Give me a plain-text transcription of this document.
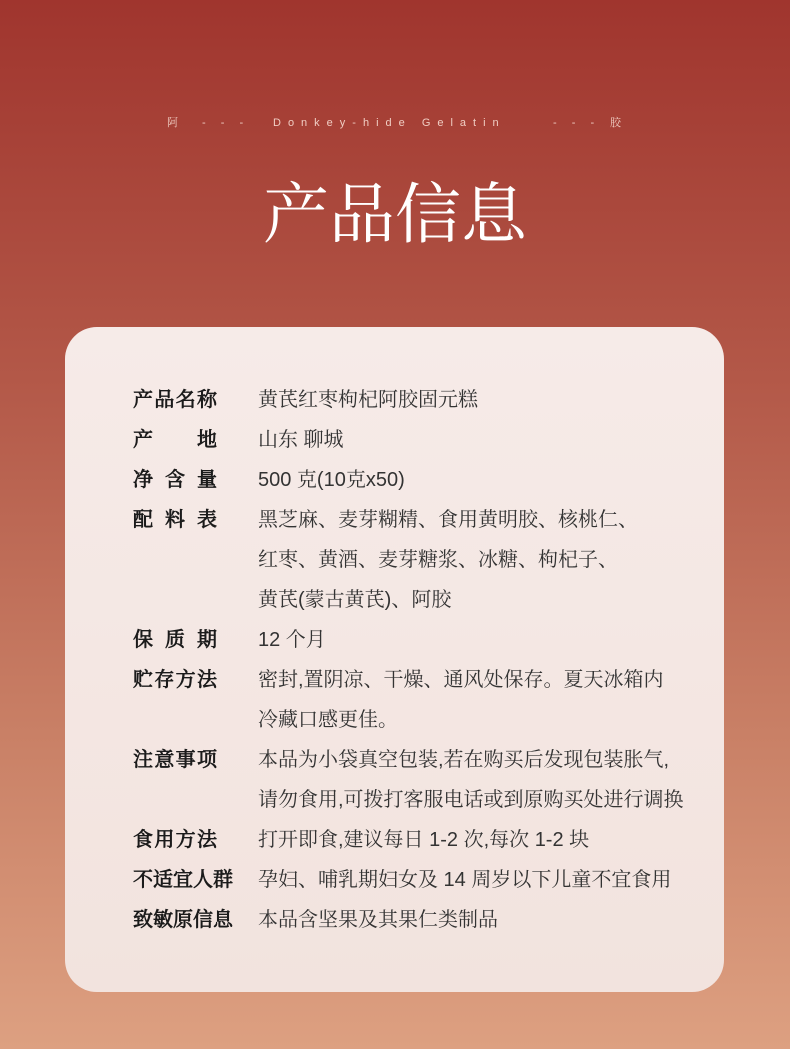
阿 - - - Donkey-hide Gelatin	- - - 胶
产品信息
产品名称	黄芪红枣枸杞阿胶固元糕
产 地	山东 聊城
净 含 量	500 克(10克x50)
配 料 表	黑芝麻、麦芽糊精、食用黄明胶、核桃仁、
红枣、黄酒、麦芽糖浆、冰糖、枸杞子、
黄芪(蒙古黄芪)、阿胶
保 质 期	12 个月
贮存方法	密封,置阴凉、干燥、通风处保存。夏天冰箱内
冷藏口感更佳。
注意事项	本品为小袋真空包装,若在购买后发现包装胀气,
请勿食用,可拨打客服电话或到原购买处进行调换
食用方法	打开即食,建议每日 1-2 次,每次 1-2 块
不适宜人群	孕妇、哺乳期妇女及 14 周岁以下儿童不宜食用
致敏原信息	本品含坚果及其果仁类制品
